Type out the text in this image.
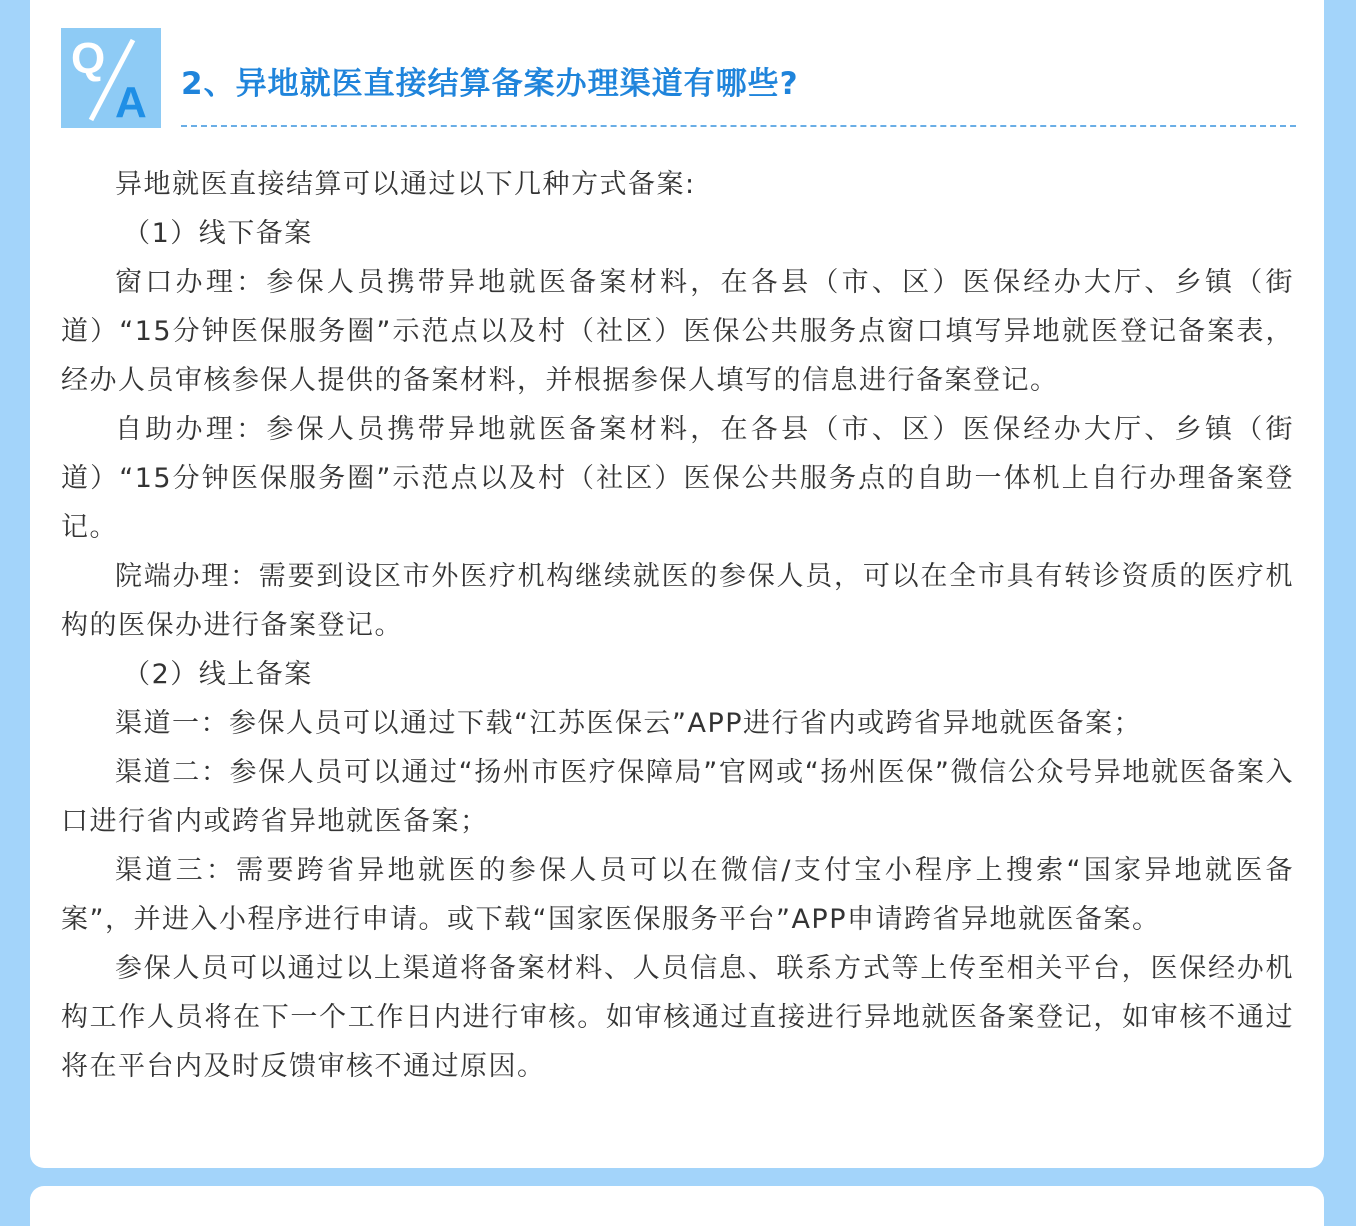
Q
A 2、异地就医直接结算备案办理渠道有哪些?

异地就医直接结算可以通过以下几种方式备案:

（1）线下备案

窗口办理：参保人员携带异地就医备案材料，在各县（市、区）医保经办大厅、乡镇（街道）“15分钟医保服务圈”示范点以及村（社区）医保公共服务点窗口填写异地就医登记备案表，经办人员审核参保人提供的备案材料，并根据参保人填写的信息进行备案登记。

自助办理：参保人员携带异地就医备案材料，在各县（市、区）医保经办大厅、乡镇（街道）“15分钟医保服务圈”示范点以及村（社区）医保公共服务点的自助一体机上自行办理备案登记。

院端办理：需要到设区市外医疗机构继续就医的参保人员，可以在全市具有转诊资质的医疗机构的医保办进行备案登记。

（2）线上备案

渠道一：参保人员可以通过下载“江苏医保云”APP进行省内或跨省异地就医备案；

渠道二：参保人员可以通过“扬州市医疗保障局”官网或“扬州医保”微信公众号异地就医备案入口进行省内或跨省异地就医备案；

渠道三：需要跨省异地就医的参保人员可以在微信/支付宝小程序上搜索“国家异地就医备案”，并进入小程序进行申请。或下载“国家医保服务平台”APP申请跨省异地就医备案。

参保人员可以通过以上渠道将备案材料、人员信息、联系方式等上传至相关平台，医保经办机构工作人员将在下一个工作日内进行审核。如审核通过直接进行异地就医备案登记，如审核不通过将在平台内及时反馈审核不通过原因。
